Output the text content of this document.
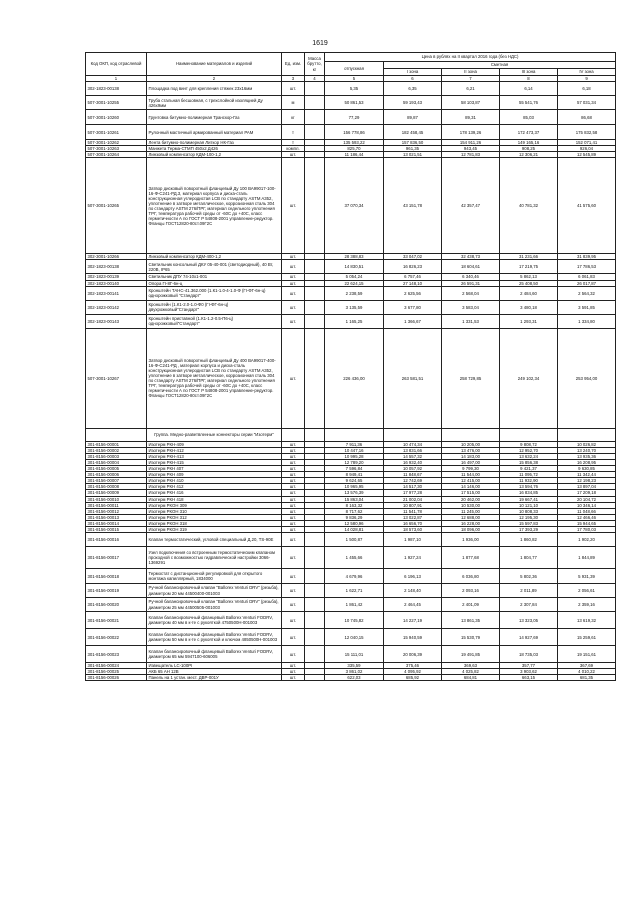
1619
Код ОКП, код отраслевой	Наименование материалов и изделий	Ед. изм.	Масса брутто, кг	Цена в рублях на II квартал 2016 года (без НДС)				
				отпускная	Сметная			
					I зона	II зона	III зона	IV зона
1	2	3	4	5	6	7	8	9
302-1823-00138	Площадка под винт для крепления стяжек 23х16мм	шт.		5,35	6,35	6,21	6,14	6,18
507-3001-10255	Труба стальная бесшовная, с трехслойной изоляцией Ду 426х9мм	м		50 861,53	59 193,43	58 103,87	55 541,76	57 031,34
507-3001-10260	Грунтовка битумно-полимерная Транскор-Газ	кг		77,29	89,87	89,31	85,03	86,68
507-3001-10261	Рулонный мастичный армированный материал РАМ	т		156 778,86	182 458,45	178 139,26	172 473,37	175 832,58
507-3001-10262	Лента битумно-полимерная Литкор НК-Газ	т		135 593,22	157 836,50	154 911,26	149 165,16	152 071,41
507-3001-10263	Манжета Терма-СТМП 450х2 Д426	компл.		825,70	961,35	943,45	908,25	926,04
507-3001-10264	Линзовый компенсатор КДМ-100-1,2	шт.		11 186,44	13 021,51	12 781,83	12 306,21	12 545,89
507-3001-10265	Затвор дисковый поворотный фланцевый Ду 100 ВА99017-100-16-Ф-С241-РД.3, материал корпуса и диска-сталь конструкционная углеродистая LCB по стандарту ASTM A352, уплотнение в затворе металлическое, коррозионная сталь 304 по стандарту ASTM 276/ПРГ, материал седельного уплотнения ТРГ, температура рабочей среды от -60С до +40С, класс герметичности А по ГОСТ Р 54808-2001 управление-редуктор. Фланцы ГОСТ12820-80ст.09Г2С	шт.		37 070,34	43 151,78	42 357,47	40 781,32	41 575,60
302-3001-10266	Линзовый компенсатор КДМ-400-1,2	шт.		28 388,83	33 047,02	32 438,73	31 231,66	31 839,95
302-1823-00138	Светильник консольный ДКУ 05-40-001 (светодиодный), 40 Вт, 220В, IP65	шт.		14 830,51	16 826,23	18 604,61	17 219,75	17 786,53
302-1823-00139	Светильник ДПУ 74-10х1-001	шт.		5 054,24	6 757,46	6 340,46	5 862,13	6 061,83
302-1823-00140	Опора ГI-8Г-6н-ц	шт.		22 624,15	27 148,10	26 591,31	25 408,50	26 017,87
302-1823-00141	Кронштейн ТАНС-41.362.000 (1.К1-1.0-4-1.0-Ф (ГI-ФГ-6н-ц) однорожковый "Стандарт"	шт.		2 238,59	2 625,56	2 568,04	2 484,60	2 564,32
302-1823-00142	Кронштейн (1.К1-2.0-1.0-Ф0 (ГI-ФГ-6н-ц) двухрожковый"Стандарт"	шт.		3 135,59	3 677,80	3 583,04	3 480,18	3 591,85
302-1823-00143	Кронштейн приставной (1.К1-1.2-0.5-П6-ц) однорожковый"Стандарт"	шт.		1 165,25	1 366,67	1 331,53	1 293,31	1 334,80
507-3001-10267	Затвор дисковый поворотный фланцевый Ду 400 ВА99017-400-16-Ф-С241-РД , материал корпуса и диска-сталь конструкционная углеродистая LCB по стандарту ASTM A352, уплотнение в затворе металлическое, коррозионная сталь 304 по стандарту ASTM 276/ПРГ, материал седельного уплотнения ТРГ, температура рабочей среды от -60С до +40С, класс герметичности А по ГОСТ Р 54808-2001 управление-редуктор. Фланцы ГОСТ12820-80ст.09Г2С	шт.		226 436,00	263 581,51	258 729,85	249 102,34	253 954,00
	Группа. Медно-разветвленные коннекторы серии "Изотерм"							
301-8156-00001	Изотерм РКН-409	шт.		7 911,36	10 474,34	10 205,00	9 808,72	10 026,82
301-8156-00002	Изотерм РКН-412	шт.		10 447,16	13 831,66	13 476,00	12 952,70	13 240,70
301-8156-00003	Изотерм РКН-413	шт.		10 995,28	14 557,32	14 183,00	13 632,24	13 935,36
301-8156-00004	Изотерм РКН-415	шт.		12 789,20	16 932,40	16 497,00	15 856,38	16 208,95
301-8156-00005	Изотерм РКН 407	шт.		7 596,84	10 057,92	9 799,30	9 421,37	9 630,85
301-8156-00006	Изотерм РКН 409	шт.		8 949,41	11 848,67	11 544,00	11 095,72	11 342,44
301-8156-00007	Изотерм РКН 410	шт.		9 624,65	12 742,69	12 415,00	11 932,90	12 198,23
301-8156-00008	Изотерм РКН 412	шт.		10 965,95	14 517,30	14 146,00	13 594,76	13 897,04
301-8156-00009	Изотерм РКН 416	шт.		13 576,39	17 977,28	17 515,00	16 834,85	17 209,18
301-8156-00010	Изотерм РКН 418	шт.		15 863,04	21 002,04	20 462,00	19 667,41	20 104,72
301-8156-00011	Изотерм РКОН 309	шт.		8 163,32	10 807,91	10 530,00	10 121,10	10 346,14
301-8156-00012	Изотерм РКОН 310	шт.		8 717,62	11 541,78	11 245,00	10 808,33	11 048,66
301-8156-00013	Изотерм РКОН 312	шт.		9 836,29	13 022,87	12 688,00	12 195,30	12 466,46
301-8156-00014	Изотерм РКОН 318	шт.		12 580,96	16 656,70	16 228,00	15 597,83	15 944,65
301-8156-00015	Изотерм РКОН 319	шт.		14 028,81	18 573,60	18 096,00	17 393,29	17 780,03
301-8156-00016	Клапан термостатический, угловой специальный Д.20, TS-90E	шт.		1 500,87	1 987,10	1 936,00	1 860,82	1 902,20
301-8156-00017	Узел подключения со встроенным термостатическим клапаном проходной с возможностью гидравлической настройки 3066-1369291	шт.		1 455,66	1 927,24	1 877,68	1 804,77	1 844,89
301-8156-00018	Термостат с дистанционной регулировкой для открытого монтажа капиллярный, 1834000	шт.		4 679,96	6 196,13	6 036,80	5 802,36	5 931,39
301-8156-00019	Ручной балансировочный клапан "Ballorex Venturi DRV" (резьба), диаметром 20 мм 44500400-001003	шт.		1 622,71	2 148,40	2 093,16	2 011,89	2 056,61
301-8156-00020	Ручной балансировочный клапан "Ballorex Venturi DRV" (резьба), диаметром 25 мм 44500505-001003	шт.		1 861,42	2 464,45	2 401,09	2 307,84	2 359,16
301-8156-00021	Клапан балансировочный фланцевый Ballorex Venturi FODRV, диаметром 40 мм в к-те с рукояткой 4750500Н-001003	шт.		10 745,82	14 227,19	13 861,35	13 323,05	13 619,32
301-8156-00022	Клапан балансировочный фланцевый Ballorex Venturi FODRV, диаметром 50 мм в к-те с рукояткой и ключом 4850500Н-001003	шт.		12 040,15	15 940,59	15 530,79	14 927,69	15 259,61
301-8156-00023	Клапан балансировочный фланцевый Ballorex Venturi FODRV, диаметром 65 мм 5947100-606005	шт.		15 111,01	20 006,39	19 491,85	18 735,03	19 151,61
301-8156-00024	Извещатель LC-100PI	шт.		335,59	375,46	369,63	357,77	367,69
301-8156-00025	АКБ 65 АН 12В	шт.		3 861,02	4 095,92	4 025,82	3 903,62	4 010,22
301-8156-00026	Панель на 1 устан. мест. ДВР-001У	шт.		622,03	685,92	684,81	663,15	681,35
